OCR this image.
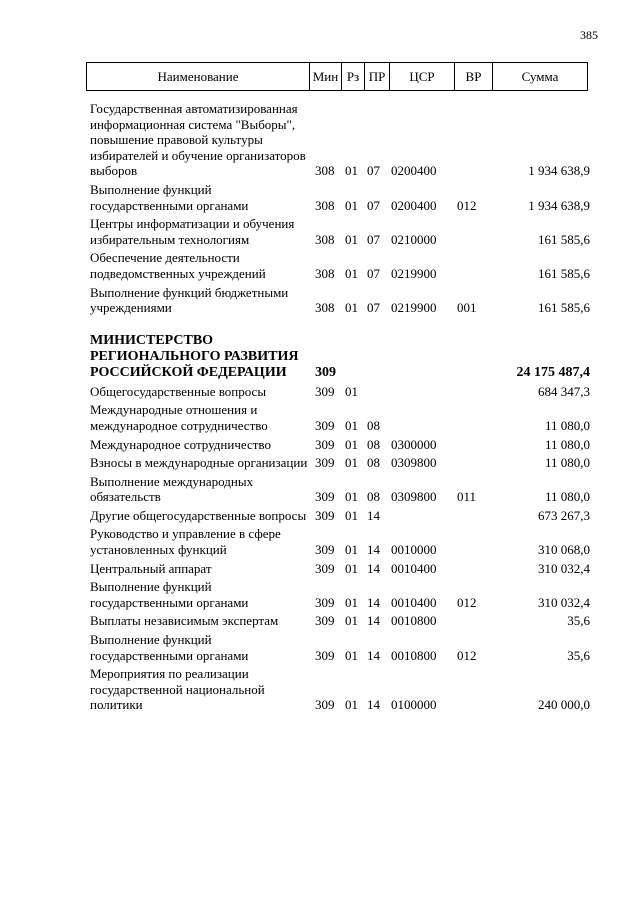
385
Наименование	Мин Рз ПР	ЦСР	ВР	Сумма
Государственная автоматизированная информационная система "Выборы", повышение правовой культуры избирателей и обучение организаторов выборов	308 01 07 0200400	1 934 638,9
Выполнение функций государственными органами	308 01 07 0200400	012	1 934 638,9
Центры информатизации и обучения избирательным технологиям	308 01 07 0210000	161 585,6
Обеспечение деятельности подведомственных учреждений	308 01 07 0219900	161 585,6
Выполнение функций бюджетными учреждениями	308 01 07 0219900	001	161 585,6
МИНИСТЕРСТВО РЕГИОНАЛЬНОГО РАЗВИТИЯ РОССИЙСКОЙ ФЕДЕРАЦИИ	309	24 175 487,4
Общегосударственные вопросы	309 01	684 347,3
Международные отношения и международное сотрудничество	309 01 08	11 080,0
Международное сотрудничество	309 01 08 0300000	11 080,0
Взносы в международные организации 309 01 08 0309800	11 080,0
Выполнение международных обязательств	309 01 08 0309800	011	11 080,0
Другие общегосударственные вопросы 309 01 14	673 267,3
Руководство и управление в сфере установленных функций	309 01 14 0010000	310 068,0
Центральный аппарат	309 01 14 0010400	310 032,4
Выполнение функций государственными органами	309 01 14 0010400	012	310 032,4
Выплаты независимым экспертам	309 01 14 0010800	35,6
Выполнение функций государственными органами	309 01 14 0010800	012	35,6
Мероприятия по реализации государственной национальной политики	309 01 14 0100000	240 000,0
